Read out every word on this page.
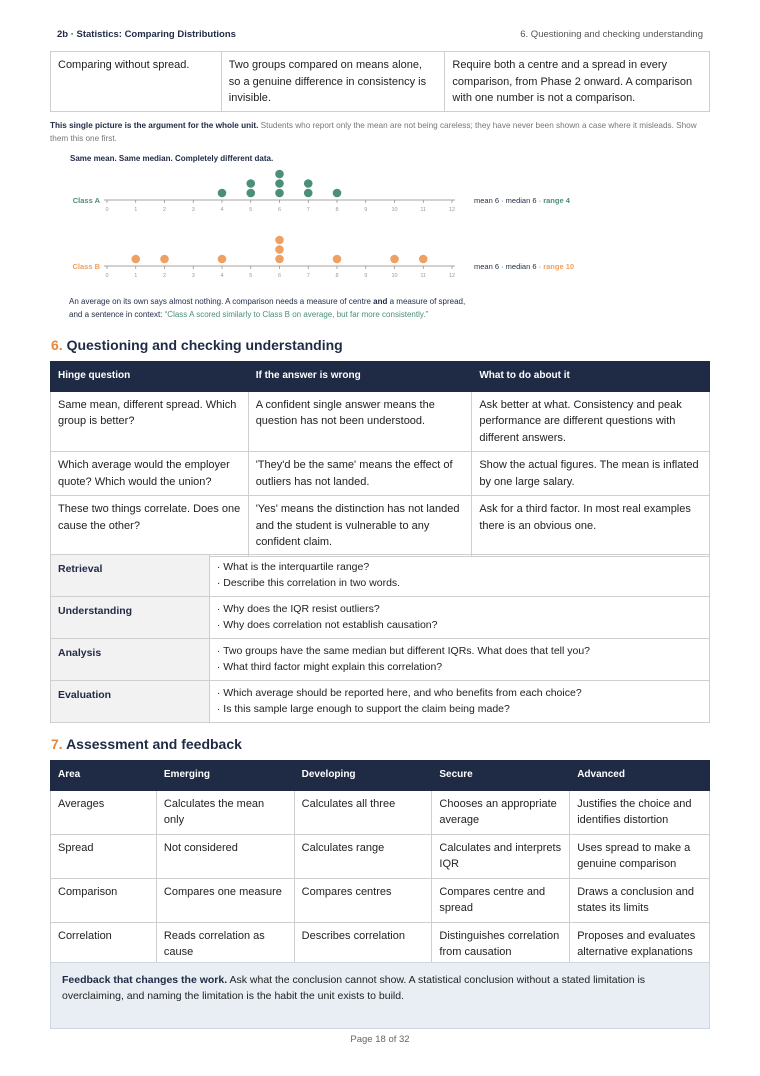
2b · Statistics: Comparing Distributions	6. Questioning and checking understanding
Comparing without spread.	Two groups compared on means alone, so a genuine difference in consistency is invisible.	Require both a centre and a spread in every comparison, from Phase 2 onward. A comparison with one number is not a comparison.
This single picture is the argument for the whole unit. Students who report only the mean are not being careless; they have never been shown a case where it misleads. Show them this one first.
Same mean. Same median. Completely different data.
0	1	2	3	4	5	6	7	8	9	10	11	12
Class A	mean 6 · median 6 · range 4
0	1	2	3	4	5	6	7	8	9	10	11	12
Class B	mean 6 · median 6 · range 10
An average on its own says almost nothing. A comparison needs a measure of centre and a measure of spread,
and a sentence in context: “Class A scored similarly to Class B on average, but far more consistently.”
6. Questioning and checking understanding
Hinge question	If the answer is wrong	What to do about it
Same mean, different spread. Which group is better?	A confident single answer means the question has not been understood.	Ask better at what. Consistency and peak performance are different questions with different answers.
Which average would the employer quote? Which would the union?	'They'd be the same' means the effect of outliers has not landed.	Show the actual figures. The mean is inflated by one large salary.
These two things correlate. Does one cause the other?	'Yes' means the distinction has not landed and the student is vulnerable to any confident claim.	Ask for a third factor. In most real examples there is an obvious one.
Retrieval	· What is the interquartile range?
· Describe this correlation in two words.

Understanding	· Why does the IQR resist outliers?
· Why does correlation not establish causation?

Analysis	· Two groups have the same median but different IQRs. What does that tell you?
· What third factor might explain this correlation?

Evaluation	· Which average should be reported here, and who benefits from each choice?
· Is this sample large enough to support the claim being made?
7. Assessment and feedback
Area	Emerging	Developing	Secure	Advanced
Averages	Calculates the mean only	Calculates all three	Chooses an appropriate average	Justifies the choice and identifies distortion
Spread	Not considered	Calculates range	Calculates and interprets IQR	Uses spread to make a genuine comparison
Comparison	Compares one measure	Compares centres	Compares centre and spread	Draws a conclusion and states its limits
Correlation	Reads correlation as cause	Describes correlation	Distinguishes correlation from causation	Proposes and evaluates alternative explanations
Feedback that changes the work. Ask what the conclusion cannot show. A statistical conclusion without a stated limitation is overclaiming, and naming the limitation is the habit the unit exists to build.
Page 18 of 32
